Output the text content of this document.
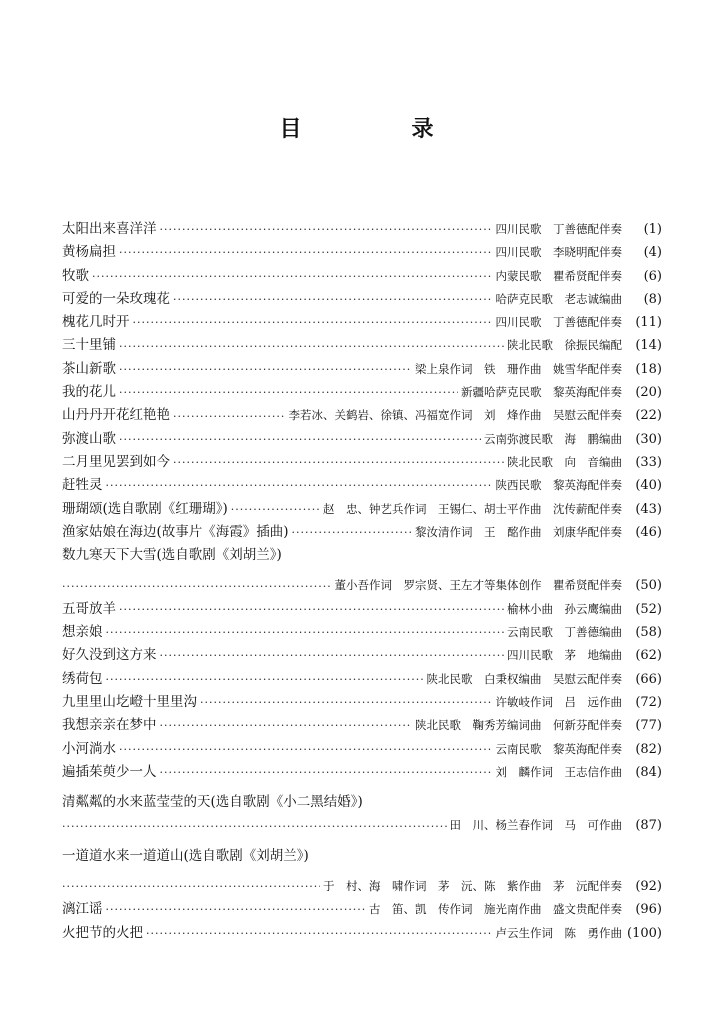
目　录
太阳出来喜洋洋 ·····	四川民歌　丁善德配伴奏	(1)
黄杨扁担 ·····	四川民歌　李晓明配伴奏	(4)
牧歌 ·····	内蒙民歌　瞿希贤配伴奏	(6)
可爱的一朵玫瑰花 ·····	哈萨克民歌　老志诚编曲	(8)
槐花几时开 ·····	四川民歌　丁善德配伴奏	(11)
三十里铺 ·····	陕北民歌　徐振民编配	(14)
茶山新歌 ·····	梁上泉作词　铁　珊作曲　姚雪华配伴奏	(18)
我的花儿 ·····	新疆哈萨克民歌　黎英海配伴奏	(20)
山丹丹开花红艳艳 ·····	李若冰、关鹤岩、徐镇、冯福宽作词　刘　烽作曲　吴慰云配伴奏	(22)
弥渡山歌 ·····	云南弥渡民歌　海　鹏编曲	(30)
二月里见罢到如今 ·····	陕北民歌　向　音编曲	(33)
赶牲灵 ·····	陕西民歌　黎英海配伴奏	(40)
珊瑚颂(选自歌剧《红珊瑚》) ·····	赵　忠、钟艺兵作词　王锡仁、胡士平作曲　沈传薪配伴奏	(43)
渔家姑娘在海边(故事片《海霞》插曲) ·····	黎汝清作词　王　酩作曲　刘康华配伴奏	(46)
数九寒天下大雪(选自歌剧《刘胡兰》)
·····
董小吾作词　罗宗贤、王左才等集体创作　瞿希贤配伴奏	(50)
五哥放羊 ·····	榆林小曲　孙云鹰编曲	(52)
想亲娘 ·····	云南民歌　丁善德编曲	(58)
好久没到这方来 ·····	四川民歌　茅　地编曲	(62)
绣荷包 ·····	陕北民歌　白秉权编曲　吴慰云配伴奏	(66)
九里里山圪嶝十里里沟 ·····	许敏岐作词　吕　远作曲	(72)
我想亲亲在梦中 ·····	陕北民歌　鞠秀芳编词曲　何新芬配伴奏	(77)
小河淌水 ·····	云南民歌　黎英海配伴奏	(82)
遍插茱萸少一人 ·····	刘　麟作词　王志信作曲	(84)
清粼粼的水来蓝莹莹的天(选自歌剧《小二黑结婚》)
·····
田　川、杨兰春作词　马　可作曲	(87)
一道道水来一道道山(选自歌剧《刘胡兰》)
·····
于　村、海　啸作词　茅　沅、陈　紫作曲　茅　沅配伴奏	(92)
漓江谣 ·····	古　笛、凯　传作词　施光南作曲　盛文贵配伴奏	(96)
火把节的火把 ·····	卢云生作词　陈　勇作曲 (100)
